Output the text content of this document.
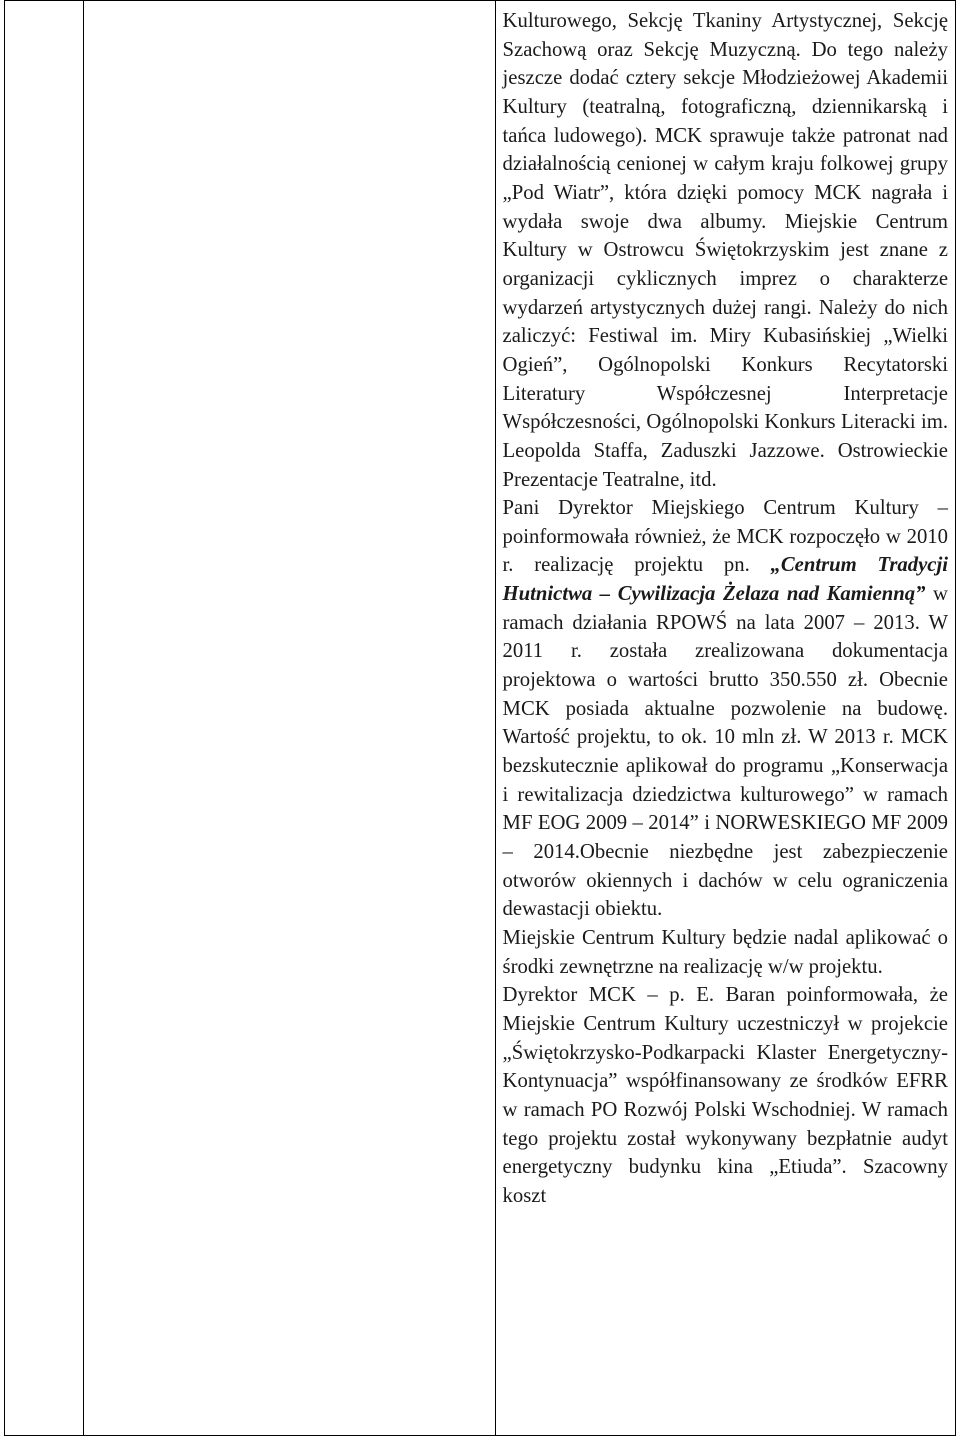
Kulturowego, Sekcję Tkaniny Artystycznej, Sekcję Szachową oraz Sekcję Muzyczną. Do tego należy jeszcze dodać cztery sekcje Młodzieżowej Akademii Kultury (teatralną, fotograficzną, dziennikarską i tańca ludowego). MCK sprawuje także patronat nad działalnością cenionej w całym kraju folkowej grupy „Pod Wiatr”, która dzięki pomocy MCK nagrała i wydała swoje dwa albumy. Miejskie Centrum Kultury w Ostrowcu Świętokrzyskim jest znane z organizacji cyklicznych imprez o charakterze wydarzeń artystycznych dużej rangi. Należy do nich zaliczyć: Festiwal im. Miry Kubasińskiej „Wielki Ogień”, Ogólnopolski Konkurs Recytatorski Literatury Współczesnej Interpretacje Współczesności, Ogólnopolski Konkurs Literacki im. Leopolda Staffa, Zaduszki Jazzowe. Ostrowieckie Prezentacje Teatralne, itd.

Pani Dyrektor Miejskiego Centrum Kultury – poinformowała również, że MCK rozpoczęło w 2010 r. realizację projektu pn. „Centrum Tradycji Hutnictwa – Cywilizacja Żelaza nad Kamienną” w ramach działania RPOWŚ na lata 2007 – 2013. W 2011 r. została zrealizowana dokumentacja projektowa o wartości brutto 350.550 zł. Obecnie MCK posiada aktualne pozwolenie na budowę. Wartość projektu, to ok. 10 mln zł. W 2013 r. MCK bezskutecznie aplikował do programu „Konserwacja i rewitalizacja dziedzictwa kulturowego” w ramach MF EOG 2009 – 2014” i NORWESKIEGO MF 2009 – 2014.Obecnie niezbędne jest zabezpieczenie otworów okiennych i dachów w celu ograniczenia dewastacji obiektu.

Miejskie Centrum Kultury będzie nadal aplikować o środki zewnętrzne na realizację w/w projektu.

Dyrektor MCK – p. E. Baran poinformowała, że Miejskie Centrum Kultury uczestniczył w projekcie „Świętokrzysko-Podkarpacki Klaster Energetyczny-Kontynuacja” współfinansowany ze środków EFRR w ramach PO Rozwój Polski Wschodniej. W ramach tego projektu został wykonywany bezpłatnie audyt energetyczny budynku kina „Etiuda”. Szacowny koszt
